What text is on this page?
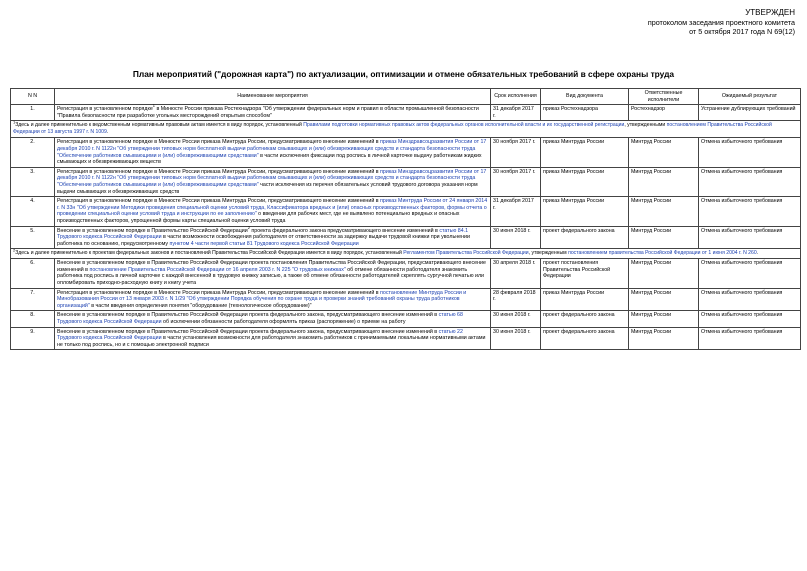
УТВЕРЖДЕН
протоколом заседания проектного комитета
от 5 октября 2017 года N 69(12)
План мероприятий ("дорожная карта") по актуализации, оптимизации и отмене обязательных требований в сфере охраны труда
N N	Наименование мероприятия	Срок исполнения	Вид документа	Ответственные исполнители	Ожидаемый результат
1.	Регистрация в установленном порядке$^1$ в Минюсте России приказа Ростехнадзора "Об утверждении федеральных норм и правил в области промышленной безопасности "Правила безопасности при разработке угольных месторождений открытым способом"	31 декабря 2017 г.	приказ Ростехнадзора	Ростехнадзор	Устранение дублирующих требований
$^1$Здесь и далее применительно к ведомственным нормативным правовым актам имеется в виду порядок, установленный Правилами подготовки нормативных правовых актов федеральных органов исполнительной власти и их государственной регистрации, утвержденными постановлением Правительства Российской Федерации от 13 августа 1997 г. N 1009.					
2.	Регистрация в установленном порядке в Минюсте России приказа Минтруда России, предусматривающего внесение изменений в приказ Минздравсоцразвития России от 17 декабря 2010 г. N 1122н "Об утверждении типовых норм бесплатной выдачи работникам смывающих и (или) обезвреживающих средств и стандарта безопасности труда "Обеспечение работников смывающими и (или) обезвреживающими средствами" в части исключения фиксации под роспись в личной карточке выдачу работникам жидких смывающих и обезвреживающих веществ	30 ноября 2017 г.	приказ Минтруда России	Минтруд России	Отмена избыточного требования
3.	Регистрация в установленном порядке в Минюсте России приказа Минтруда России, предусматривающего внесение изменений в приказ Минздравсоцразвития России от 17 декабря 2010 г. N 1122н "Об утверждении типовых норм бесплатной выдачи работникам смывающих и (или) обезвреживающих средств и стандарта безопасности труда "Обеспечение работников смывающими и (или) обезвреживающими средствами" части исключения из перечня обязательных условий трудового договора указания норм выдачи смывающих и обезвреживающих средств	30 ноября 2017 г.	приказ Минтруда России	Минтруд России	Отмена избыточного требования
4.	Регистрация в установленном порядке в Минюсте России приказа Минтруда России, предусматривающего внесение изменений в приказ Минтруда России от 24 января 2014 г. N 33н "Об утверждении Методики проведения специальной оценки условий труда, Классификатора вредных и (или) опасных производственных факторов, формы отчета о проведении специальной оценки условий труда и инструкции по ее заполнению" о введении для рабочих мест, где не выявлено потенциально вредных и опасных производственных факторов, упрощенной формы карты специальной оценки условий труда	31 декабря 2017 г.	приказ Минтруда России	Минтруд России	Отмена избыточного требования
5.	Внесение в установленном порядке в Правительство Российской Федерации$^2$ проекта федерального закона предусматривающего внесение изменений в статью 84.1 Трудового кодекса Российской Федерации в части возможности освобождения работодателя от ответственности за задержку выдачи трудовой книжки при увольнении работника по основанию, предусмотренному пунктом 4 части первой статьи 81 Трудового кодекса Российской Федерации	30 июня 2018 г.	проект федерального закона	Минтруд России	Отмена избыточного требования
$^2$Здесь и далее применительно к проектам федеральных законов и постановлений Правительства Российской Федерации имеется в виду порядок, установленный Регламентом Правительства Российской Федерации, утвержденным постановлением правительства Российской Федерации от 1 июня 2004 г. N 260.					
6.	Внесение в установленном порядке в Правительство Российской Федерации проекта постановления Правительства Российской Федерации, предусматривающего внесение изменений в постановление Правительства Российской Федерации от 16 апреля 2003 г. N 225 "О трудовых книжках" об отмене обязанности работодателя знакомить работника под роспись в личной карточке с каждой внесенной в трудовую книжку записью, а также об отмене обязанности работодателей скреплять сургучной печатью или опломбировать приходно-расходную книгу и книгу учета	30 апреля 2018 г.	проект постановления Правительства Российской Федерации	Минтруд России	Отмена избыточного требования
7.	Регистрация в установленном порядке в Минюсте России приказа Минтруда России, предусматривающего внесение изменений в постановление Минтруда России и Минобразования России от 13 января 2003 г. N 1/29 "Об утверждении Порядка обучения по охране труда и проверки знаний требований охраны труда работников организаций" в части введения определения понятия "оборудование (технологическое оборудование)"	28 февраля 2018 г.	приказ Минтруда России	Минтруд России	Отмена избыточного требования
8.	Внесение в установленном порядке в Правительство Российской Федерации проекта федерального закона, предусматривающего внесение изменений в статью 68 Трудового кодекса Российской Федерации об исключении обязанности работодателя оформлять приказ (распоряжение) о приеме на работу	30 июня 2018 г.	проект федерального закона	Минтруд России	Отмена избыточного требования
9.	Внесение в установленном порядке в Правительство Российской Федерации проекта федерального закона, предусматривающего внесение изменений в статью 22 Трудового кодекса Российской Федерации в части установления возможности для работодателя знакомить работников с принимаемыми локальными нормативными актами не только под роспись, но и с помощью электронной подписи	30 июня 2018 г.	проект федерального закона	Минтруд России	Отмена избыточного требования
